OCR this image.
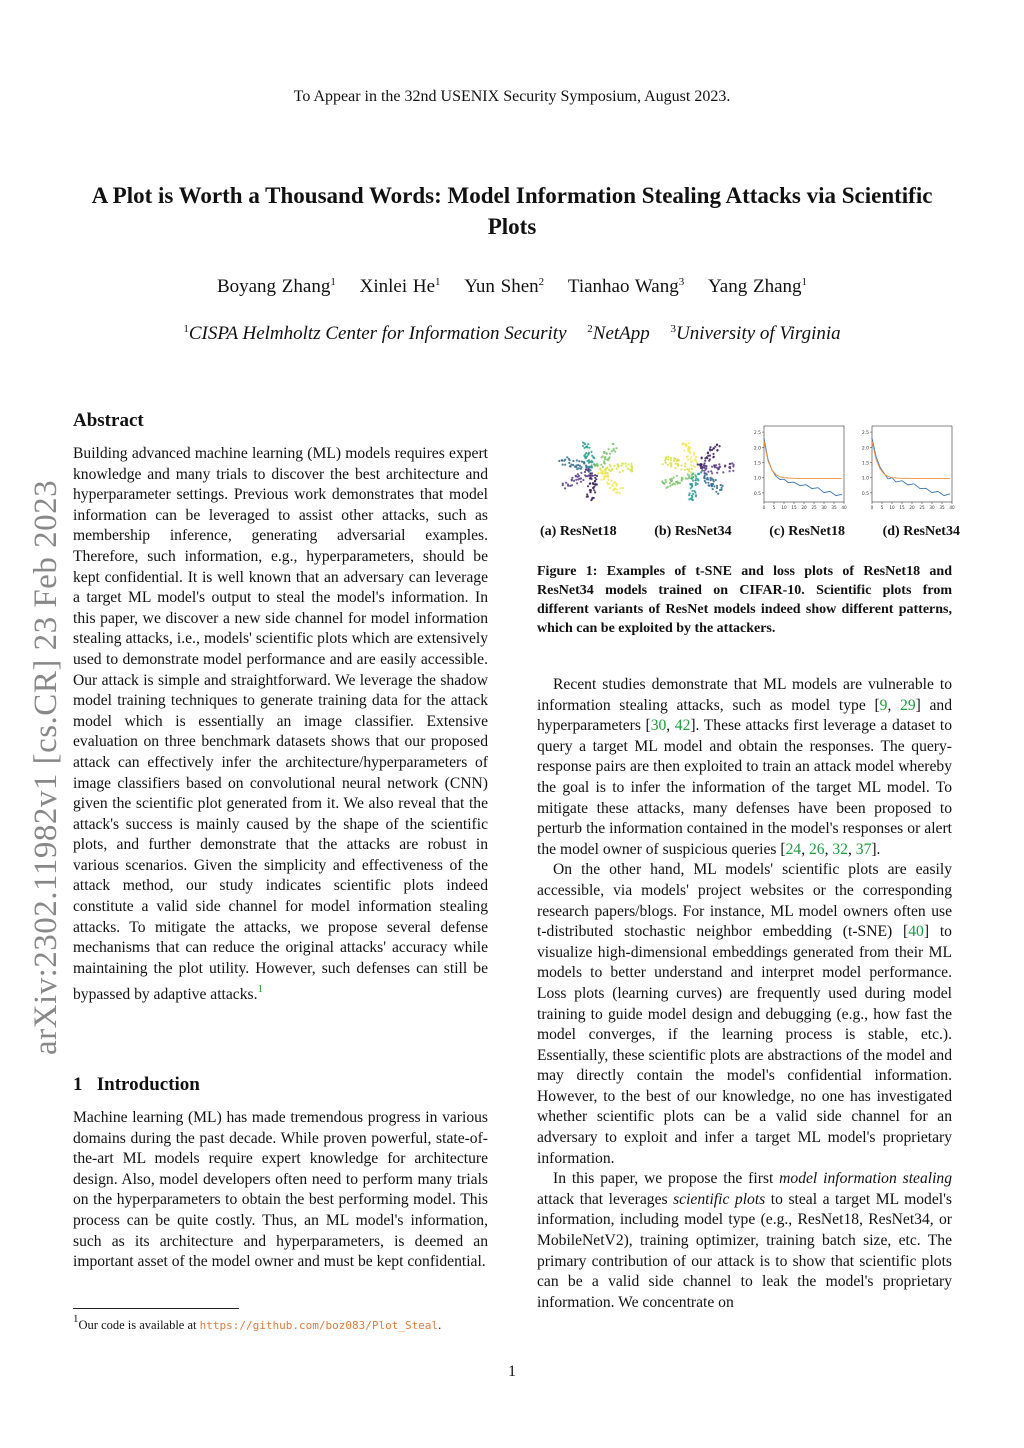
To Appear in the 32nd USENIX Security Symposium, August 2023.
A Plot is Worth a Thousand Words: Model Information Stealing Attacks via Scientific Plots
Boyang Zhang$^1$ Xinlei He$^1$ Yun Shen$^2$ Tianhao Wang$^3$ Yang Zhang$^1$
$^1$CISPA Helmholtz Center for Information Security $^2$NetApp $^3$University of Virginia
arXiv:2302.11982v1 [cs.CR] 23 Feb 2023
Abstract

Building advanced machine learning (ML) models requires expert knowledge and many trials to discover the best architecture and hyperparameter settings. Previous work demonstrates that model information can be leveraged to assist other attacks, such as membership inference, generating adversarial examples. Therefore, such information, e.g., hyperparameters, should be kept confidential. It is well known that an adversary can leverage a target ML model's output to steal the model's information. In this paper, we discover a new side channel for model information stealing attacks, i.e., models' scientific plots which are extensively used to demonstrate model performance and are easily accessible. Our attack is simple and straightforward. We leverage the shadow model training techniques to generate training data for the attack model which is essentially an image classifier. Extensive evaluation on three benchmark datasets shows that our proposed attack can effectively infer the architecture/hyperparameters of image classifiers based on convolutional neural network (CNN) given the scientific plot generated from it. We also reveal that the attack's success is mainly caused by the shape of the scientific plots, and further demonstrate that the attacks are robust in various scenarios. Given the simplicity and effectiveness of the attack method, our study indicates scientific plots indeed constitute a valid side channel for model information stealing attacks. To mitigate the attacks, we propose several defense mechanisms that can reduce the original attacks' accuracy while maintaining the plot utility. However, such defenses can still be bypassed by adaptive attacks.$^1$

1 Introduction

Machine learning (ML) has made tremendous progress in various domains during the past decade. While proven powerful, state-of-the-art ML models require expert knowledge for architecture design. Also, model developers often need to perform many trials on the hyperparameters to obtain the best performing model. This process can be quite costly. Thus, an ML model's information, such as its architecture and hyperparameters, is deemed an important asset of the model owner and must be kept confidential.

$^1$Our code is available at https://github.com/boz083/Plot_Steal.
0.5
1.0
1.5
2.0
2.5
0 5 10 15 20 25 30 35 40
0.5
1.0
1.5
2.0
2.5
0 5 10 15 20 25 30 35 40
(a) ResNet18	(b) ResNet34	(c) ResNet18	(d) ResNet34
Figure 1: Examples of t-SNE and loss plots of ResNet18 and ResNet34 models trained on CIFAR-10. Scientific plots from different variants of ResNet models indeed show different patterns, which can be exploited by the attackers.

Recent studies demonstrate that ML models are vulnerable to information stealing attacks, such as model type [9, 29] and hyperparameters [30, 42]. These attacks first leverage a dataset to query a target ML model and obtain the responses. The query-response pairs are then exploited to train an attack model whereby the goal is to infer the information of the target ML model. To mitigate these attacks, many defenses have been proposed to perturb the information contained in the model's responses or alert the model owner of suspicious queries [24, 26, 32, 37].

On the other hand, ML models' scientific plots are easily accessible, via models' project websites or the corresponding research papers/blogs. For instance, ML model owners often use t-distributed stochastic neighbor embedding (t-SNE) [40] to visualize high-dimensional embeddings generated from their ML models to better understand and interpret model performance. Loss plots (learning curves) are frequently used during model training to guide model design and debugging (e.g., how fast the model converges, if the learning process is stable, etc.). Essentially, these scientific plots are abstractions of the model and may directly contain the model's confidential information. However, to the best of our knowledge, no one has investigated whether scientific plots can be a valid side channel for an adversary to exploit and infer a target ML model's proprietary information.

In this paper, we propose the first model information stealing attack that leverages scientific plots to steal a target ML model's information, including model type (e.g., ResNet18, ResNet34, or MobileNetV2), training optimizer, training batch size, etc. The primary contribution of our attack is to show that scientific plots can be a valid side channel to leak the model's proprietary information. We concentrate on

1
